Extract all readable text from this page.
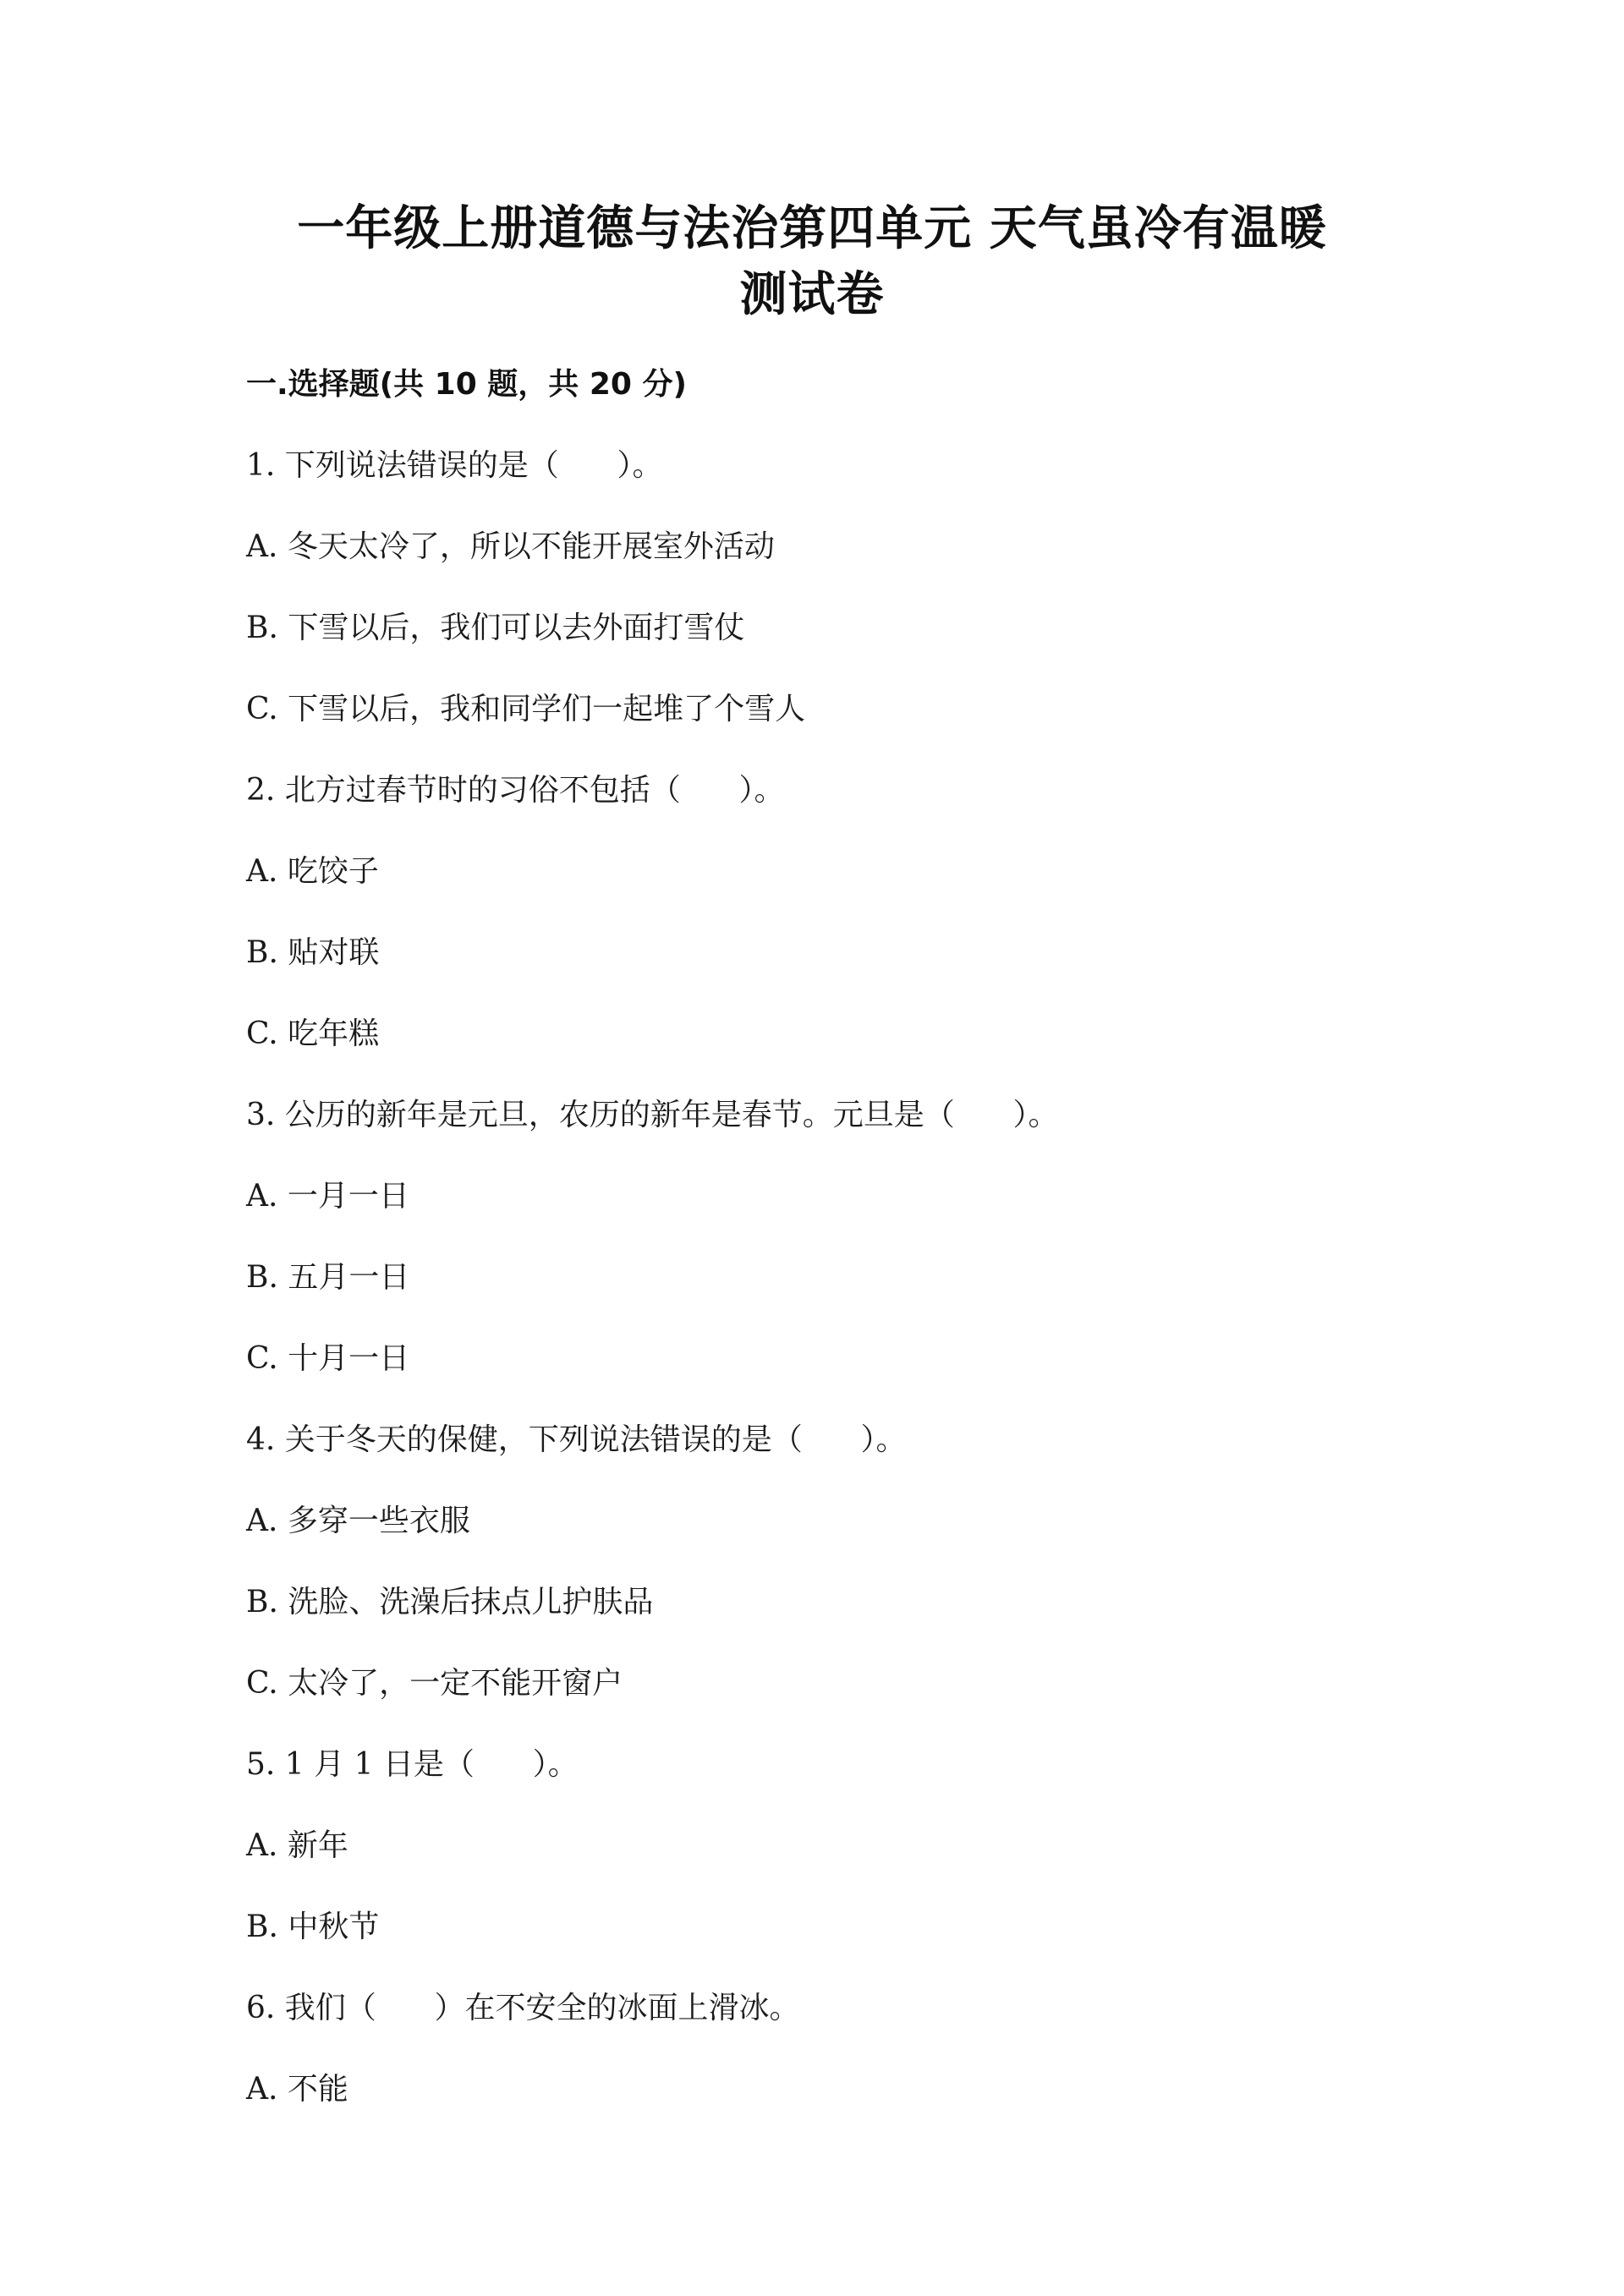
一年级上册道德与法治第四单元 天气虽冷有温暖
测试卷
一.选择题(共 10 题，共 20 分)
1. 下列说法错误的是（      ）。
A. 冬天太冷了，所以不能开展室外活动
B. 下雪以后，我们可以去外面打雪仗
C. 下雪以后，我和同学们一起堆了个雪人
2. 北方过春节时的习俗不包括（      ）。
A. 吃饺子
B. 贴对联
C. 吃年糕
3. 公历的新年是元旦，农历的新年是春节。元旦是（      ）。
A. 一月一日
B. 五月一日
C. 十月一日
4. 关于冬天的保健，下列说法错误的是（      ）。
A. 多穿一些衣服
B. 洗脸、洗澡后抹点儿护肤品
C. 太冷了，一定不能开窗户
5. 1 月 1 日是（      ）。
A. 新年
B. 中秋节
6. 我们（      ）在不安全的冰面上滑冰。
A. 不能
